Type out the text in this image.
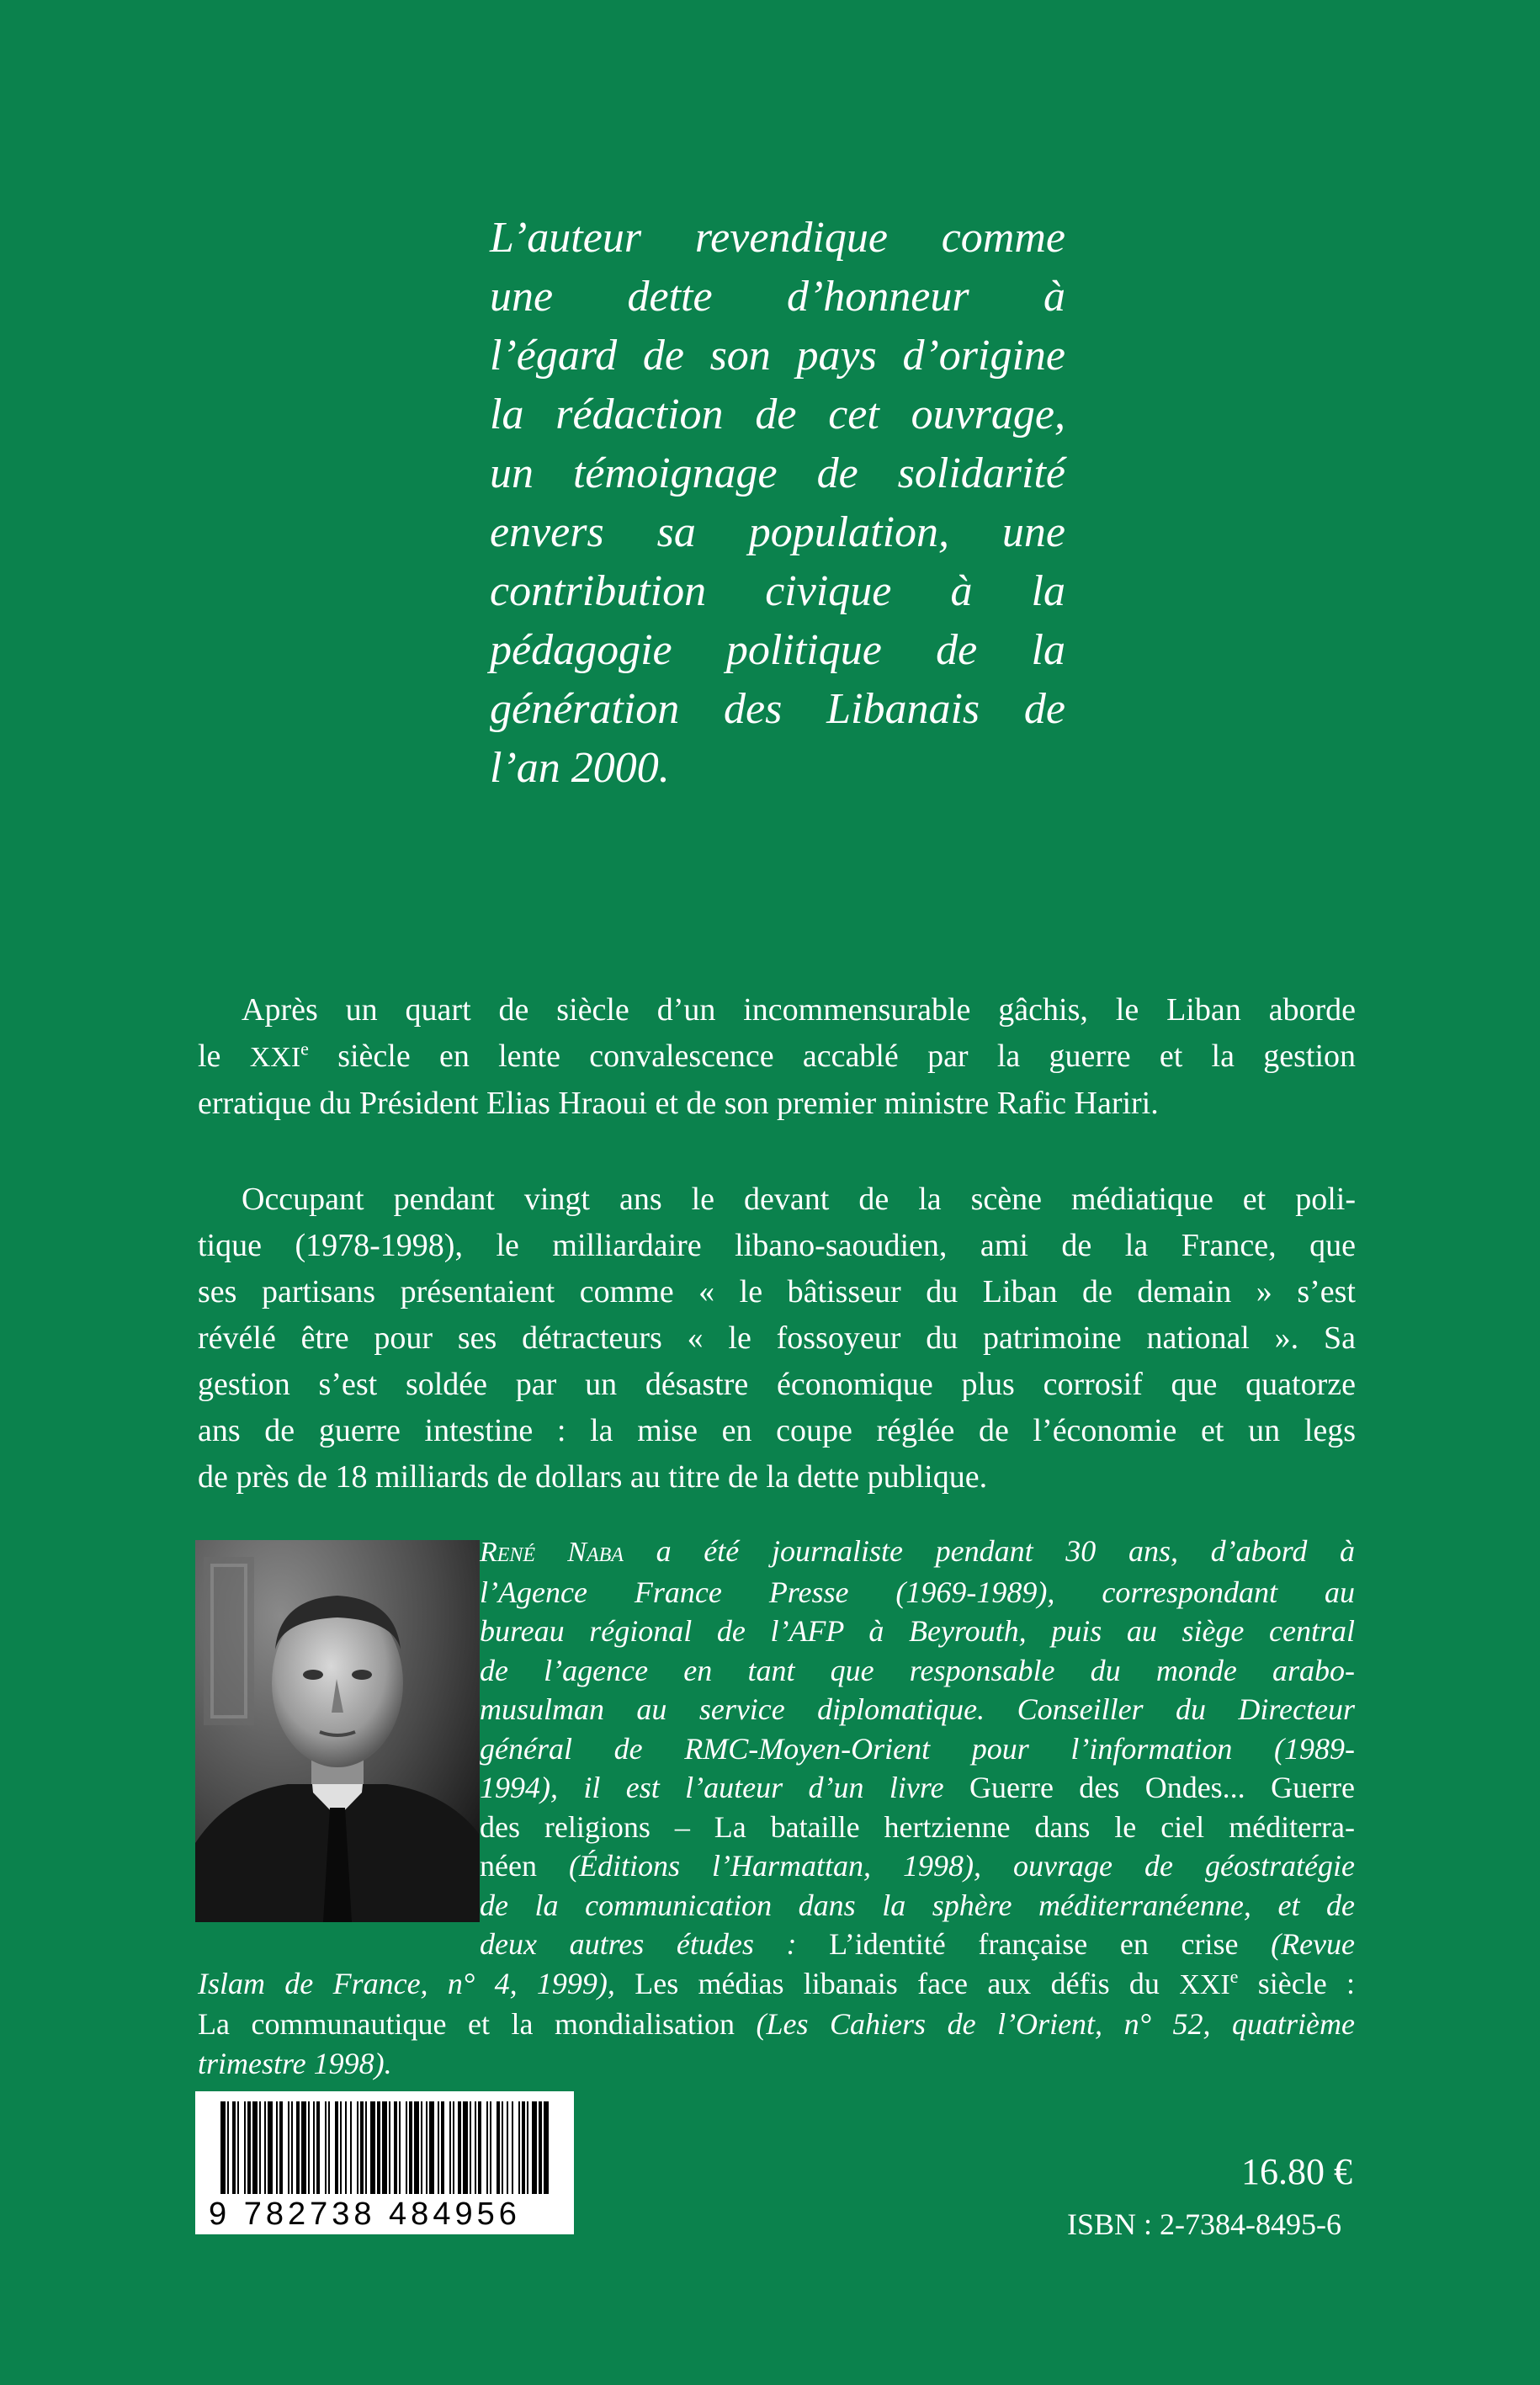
L’auteur revendique comme
une dette d’honneur à
l’égard de son pays d’origine
la rédaction de cet ouvrage,
un témoignage de solidarité
envers sa population, une
contribution civique à la
pédagogie politique de la
génération des Libanais de
l’an 2000.
Après un quart de siècle d’un incommensurable gâchis, le Liban aborde
le XXIe siècle en lente convalescence accablé par la guerre et la gestion
erratique du Président Elias Hraoui et de son premier ministre Rafic Hariri.
Occupant pendant vingt ans le devant de la scène médiatique et poli-
tique (1978-1998), le milliardaire libano-saoudien, ami de la France, que
ses partisans présentaient comme « le bâtisseur du Liban de demain » s’est
révélé être pour ses détracteurs « le fossoyeur du patrimoine national ». Sa
gestion s’est soldée par un désastre économique plus corrosif que quatorze
ans de guerre intestine : la mise en coupe réglée de l’économie et un legs
de près de 18 milliards de dollars au titre de la dette publique.
René Naba a été journaliste pendant 30 ans, d’abord à
l’Agence France Presse (1969-1989), correspondant au
bureau régional de l’AFP à Beyrouth, puis au siège central
de l’agence en tant que responsable du monde arabo-
musulman au service diplomatique. Conseiller du Directeur
général de RMC-Moyen-Orient pour l’information (1989-
1994), il est l’auteur d’un livre Guerre des Ondes... Guerre
des religions – La bataille hertzienne dans le ciel méditerra-
néen (Éditions l’Harmattan, 1998), ouvrage de géostratégie
de la communication dans la sphère méditerranéenne, et de
deux autres études : L’identité française en crise (Revue
Islam de France, n° 4, 1999), Les médias libanais face aux défis du XXIe siècle :
La communautique et la mondialisation (Les Cahiers de l’Orient, n° 52, quatrième
trimestre 1998).
9 782738 484956
16.80 €
ISBN : 2-7384-8495-6
